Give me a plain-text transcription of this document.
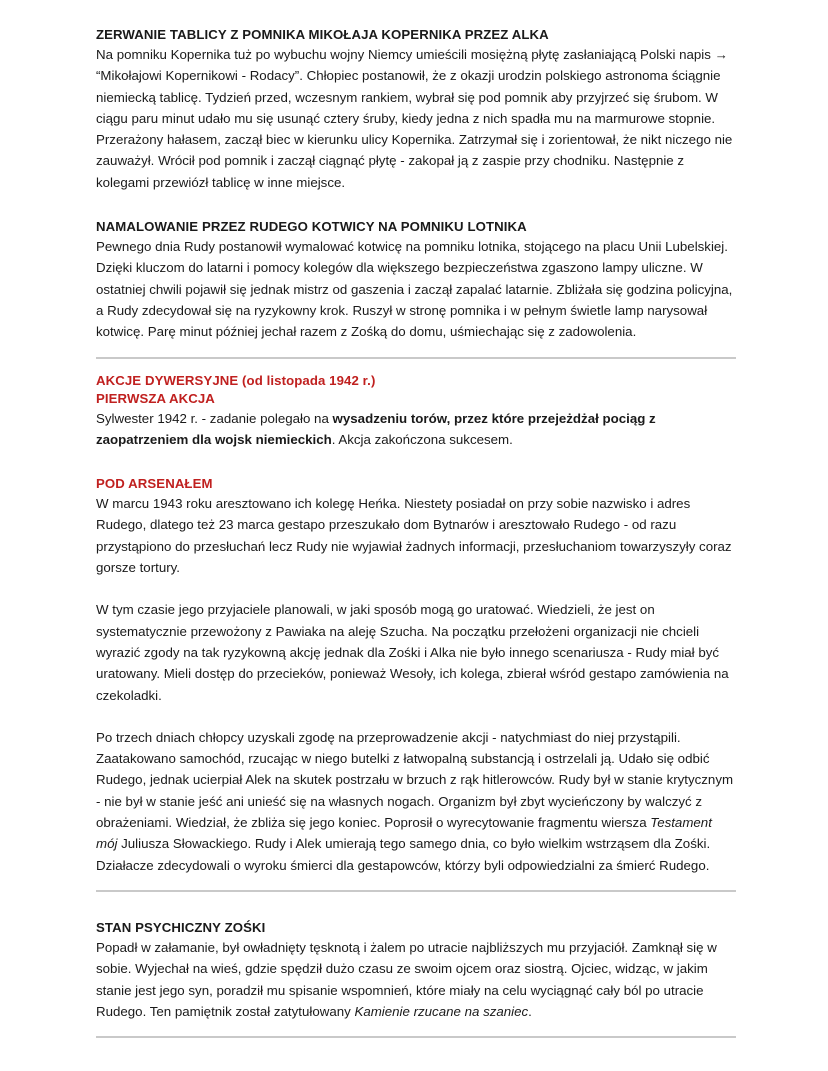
ZERWANIE TABLICY Z POMNIKA MIKOŁAJA KOPERNIKA PRZEZ ALKA

Na pomniku Kopernika tuż po wybuchu wojny Niemcy umieścili mosiężną płytę zasłaniającą Polski napis → “Mikołajowi Kopernikowi - Rodacy”. Chłopiec postanowił, że z okazji urodzin polskiego astronoma ściągnie niemiecką tablicę. Tydzień przed, wczesnym rankiem, wybrał się pod pomnik aby przyjrzeć się śrubom. W ciągu paru minut udało mu się usunąć cztery śruby, kiedy jedna z nich spadła mu na marmurowe stopnie. Przerażony hałasem, zaczął biec w kierunku ulicy Kopernika. Zatrzymał się i zorientował, że nikt niczego nie zauważył. Wrócił pod pomnik i zaczął ciągnąć płytę - zakopał ją z zaspie przy chodniku. Następnie z kolegami przewiózł tablicę w inne miejsce.

NAMALOWANIE PRZEZ RUDEGO KOTWICY NA POMNIKU LOTNIKA

Pewnego dnia Rudy postanowił wymalować kotwicę na pomniku lotnika, stojącego na placu Unii Lubelskiej. Dzięki kluczom do latarni i pomocy kolegów dla większego bezpieczeństwa zgaszono lampy uliczne. W ostatniej chwili pojawił się jednak mistrz od gaszenia i zaczął zapalać latarnie. Zbliżała się godzina policyjna, a Rudy zdecydował się na ryzykowny krok. Ruszył w stronę pomnika i w pełnym świetle lamp narysował kotwicę. Parę minut później jechał razem z Zośką do domu, uśmiechając się z zadowolenia.

AKCJE DYWERSYJNE (od listopada 1942 r.)
PIERWSZA AKCJA

Sylwester 1942 r. - zadanie polegało na wysadzeniu torów, przez które przejeżdżał pociąg z zaopatrzeniem dla wojsk niemieckich. Akcja zakończona sukcesem.

POD ARSENAŁEM

W marcu 1943 roku aresztowano ich kolegę Heńka. Niestety posiadał on przy sobie nazwisko i adres Rudego, dlatego też 23 marca gestapo przeszukało dom Bytnarów i aresztowało Rudego - od razu przystąpiono do przesłuchań lecz Rudy nie wyjawiał żadnych informacji, przesłuchaniom towarzyszyły coraz gorsze tortury.

W tym czasie jego przyjaciele planowali, w jaki sposób mogą go uratować. Wiedzieli, że jest on systematycznie przewożony z Pawiaka na aleję Szucha. Na początku przełożeni organizacji nie chcieli wyrazić zgody na tak ryzykowną akcję jednak dla Zośki i Alka nie było innego scenariusza - Rudy miał być uratowany. Mieli dostęp do przecieków, ponieważ Wesoły, ich kolega, zbierał wśród gestapo zamówienia na czekoladki.

Po trzech dniach chłopcy uzyskali zgodę na przeprowadzenie akcji - natychmiast do niej przystąpili. Zaatakowano samochód, rzucając w niego butelki z łatwopalną substancją i ostrzelali ją. Udało się odbić Rudego, jednak ucierpiał Alek na skutek postrzału w brzuch z rąk hitlerowców. Rudy był w stanie krytycznym - nie był w stanie jeść ani unieść się na własnych nogach. Organizm był zbyt wycieńczony by walczyć z obrażeniami. Wiedział, że zbliża się jego koniec. Poprosił o wyrecytowanie fragmentu wiersza Testament mój Juliusza Słowackiego. Rudy i Alek umierają tego samego dnia, co było wielkim wstrząsem dla Zośki. Działacze zdecydowali o wyroku śmierci dla gestapowców, którzy byli odpowiedzialni za śmierć Rudego.

STAN PSYCHICZNY ZOŚKI

Popadł w załamanie, był owładnięty tęsknotą i żalem po utracie najbliższych mu przyjaciół. Zamknął się w sobie. Wyjechał na wieś, gdzie spędził dużo czasu ze swoim ojcem oraz siostrą. Ojciec, widząc, w jakim stanie jest jego syn, poradził mu spisanie wspomnień, które miały na celu wyciągnąć cały ból po utracie Rudego. Ten pamiętnik został zatytułowany Kamienie rzucane na szaniec.
